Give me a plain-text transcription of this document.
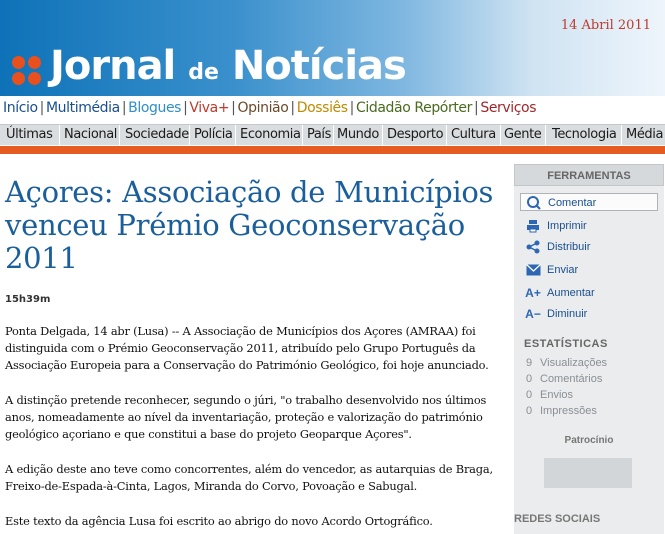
14 Abril 2011
Jornal de Notícias
Início | Multimédia | Blogues | Viva+ | Opinião | Dossiês | Cidadão Repórter | Serviços
Últimas Nacional Sociedade Polícia Economia País Mundo Desporto Cultura Gente Tecnologia Média
Açores: Associação de Municípios venceu Prémio Geoconservação 2011
15h39m

Ponta Delgada, 14 abr (Lusa) -- A Associação de Municípios dos Açores (AMRAA) foi distinguida com o Prémio Geoconservação 2011, atribuído pelo Grupo Português da Associação Europeia para a Conservação do Património Geológico, foi hoje anunciado.

A distinção pretende reconhecer, segundo o júri, "o trabalho desenvolvido nos últimos anos, nomeadamente ao nível da inventariação, proteção e valorização do património geológico açoriano e que constitui a base do projeto Geoparque Açores".

A edição deste ano teve como concorrentes, além do vencedor, as autarquias de Braga, Freixo-de-Espada-à-Cinta, Lagos, Miranda do Corvo, Povoação e Sabugal.

Este texto da agência Lusa foi escrito ao abrigo do novo Acordo Ortográfico.

FERRAMENTAS
Comentar
Imprimir
Distribuir
Enviar
A+ Aumentar
A− Diminuir
ESTATÍSTICAS
9 Visualizações
0 Comentários
0 Envios
0 Impressões
Patrocínio
REDES SOCIAIS
